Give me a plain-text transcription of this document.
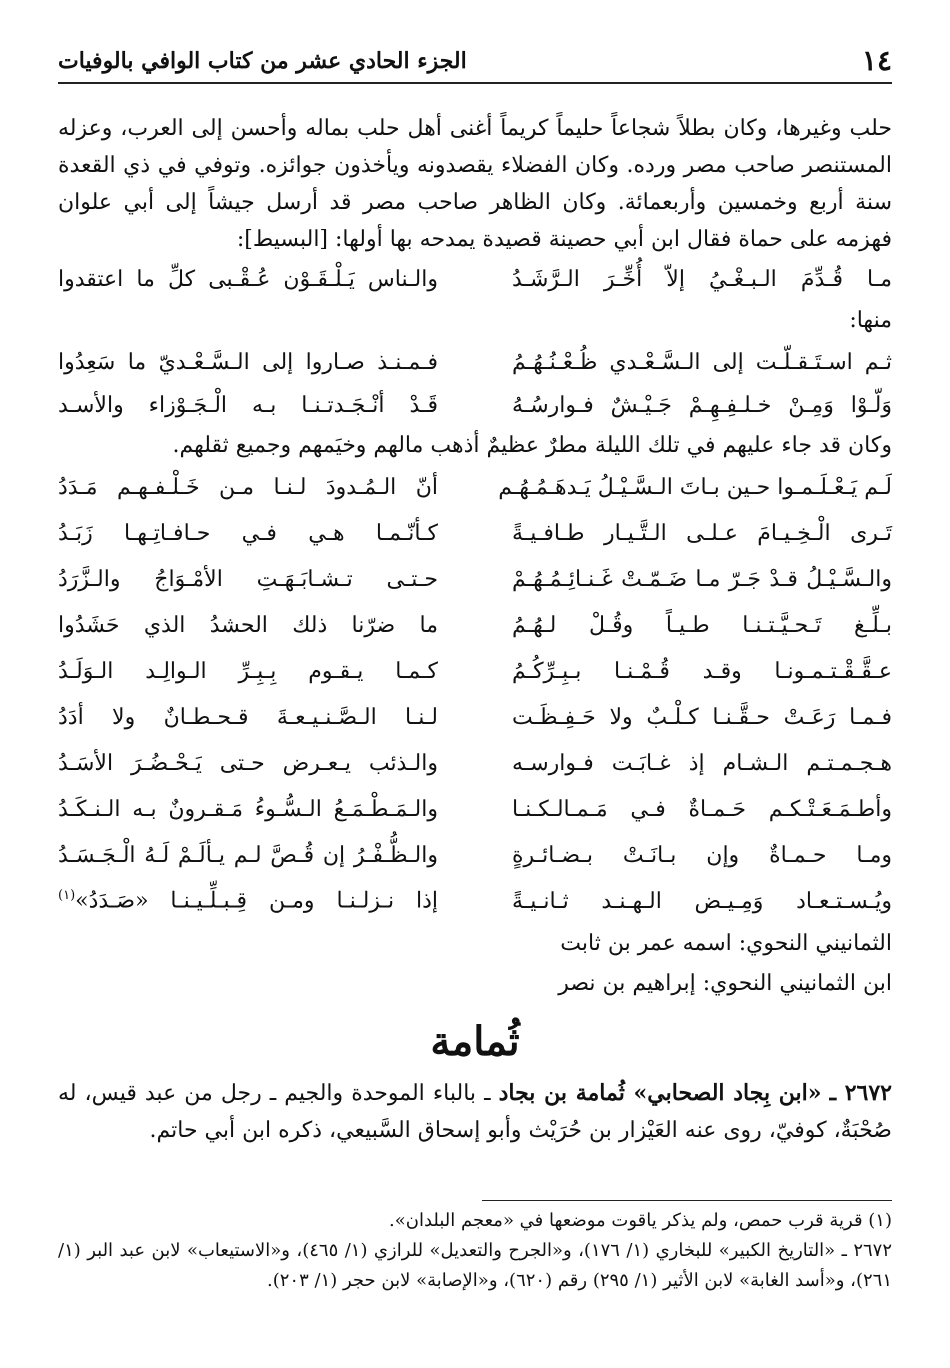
١٤
الجزء الحادي عشر من كتاب الوافي بالوفيات

حلب وغيرها، وكان بطلاً شجاعاً حليماً كريماً أغنى أهل حلب بماله وأحسن إلى العرب، وعزله المستنصر صاحب مصر ورده. وكان الفضلاء يقصدونه ويأخذون جوائزه. وتوفي في ذي القعدة سنة أربع وخمسين وأربعمائة. وكان الظاهر صاحب مصر قد أرسل جيشاً إلى أبي علوان فهزمه على حماة فقال ابن أبي حصينة قصيدة يمدحه بها أولها: [البسيط]:

مـا قُـدِّمَ الـبـغْـيُ إلاّ أُخِّـرَ الـرَّشَـدُ
والـناس يَـلْـقَـوْن عُـقْـبى كلِّ ما اعتقدوا

منها:

ثـم اسـتَـقـلّـت إلى الـسَّـعْـدي ظُـعْـنُـهُـمُ
فـمـنـذ صـاروا إلى الـسَّـعْـديّ ما سَعِدُوا
وَلّـوْا وَمِـنْ خـلـفِـهِـمْ جَـيْـشٌ فـوارسُـهُ
قَـدْ أنْـجَـدتـنـا بـه الْـجَـوْزاء والأسـد

وكان قد جاء عليهم في تلك الليلة مطرٌ عظيمٌ أذهب مالهم وخيَمهم وجميع ثقلهم.

لَـم يَـعْـلَـمـوا حـين بـاتَ الـسَّـيْـلُ يَـدهَـمُـهُـم
أنّ الـمُـدودَ لـنـا مـن خَـلْـفـهـم مَـدَدُ
تَـرى الْـخِـيـامَ عـلـى الـتَّـيـار طـافـيـةً
كـأنّـمـا هـي فـي حـافـاتِـهـا زَبَـدُ
والـسَّـيْـلُ قـدْ جَـرّ مـا ضَـمّـتْ غَـنـائِـمُـهُـمْ
حـتـى تـشـابَـهَـتِ الأمْـوَاجُ والـزَّرَدُ
بـلِّـغ تَـحـيَّـتـنـا طـيـاً وقُـلْ لـهُـمُ
ما ضرّنا ذلك الحشدُ الذي حَشَدُوا
عـقَّـقْـتـمـونـا وقـد قُـمْـنـا بـبِـرِّكُـمُ
كـمـا يـقـوم بِـبِـرِّ الـوالِـد الـوَلَـدُ
فـمـا رَعَـتْ حـقَّـنـا كـلْـبٌ ولا حَـفِـظَـت
لـنـا الـصَّـنـيـعـةَ قـحـطـانٌ ولا أدَدُ
هـجـمـتـم الـشـام إذ غـابَـت فـوارسـه
والـذئب يـعـرض حـتى يَـحْـضُـرَ الأسَـدُ
وأطـمَـعَـتْـكـم حَـمـاةٌ فـي مَـمـالـكـنـا
والـمَـطْـمَـعُ الـسُّـوءُ مَـقـرونٌ بـه الـنـكَـدُ
ومـا حـمـاةٌ وإن بـانَـتْ بـضـائـرةٍ
والـظُّـفْـرُ إن قُـصَّ لـم يـألَـمْ لَـهُ الْـجَـسَـدُ
ويُـسـتـعـاد وَمِـيـض الـهـنـد ثـانـيـةً
إذا نـزلـنـا ومـن قِـبـلِّـيـنـا «صَـدَدُ»$^{(١)}$

الثمانيني النحوي: اسمه عمر بن ثابت

ابن الثمانيني النحوي: إبراهيم بن نصر

ثُمامة

٢٦٧٢ ـ «ابن بِجاد الصحابي» ثُمامة بن بجاد ـ بالباء الموحدة والجيم ـ رجل من عبد قيس، له صُحْبَةٌ، كوفيّ، روى عنه العَيْزار بن حُرَيْث وأبو إسحاق السَّبيعي، ذكره ابن أبي حاتم.

(١) قرية قرب حمص، ولم يذكر ياقوت موضعها في «معجم البلدان».

٢٦٧٢ ـ «التاريخ الكبير» للبخاري (١/ ١٧٦)، و«الجرح والتعديل» للرازي (١/ ٤٦٥)، و«الاستيعاب» لابن عبد البر (١/ ٢٦١)، و«أسد الغابة» لابن الأثير (١/ ٢٩٥) رقم (٦٢٠)، و«الإصابة» لابن حجر (١/ ٢٠٣).
